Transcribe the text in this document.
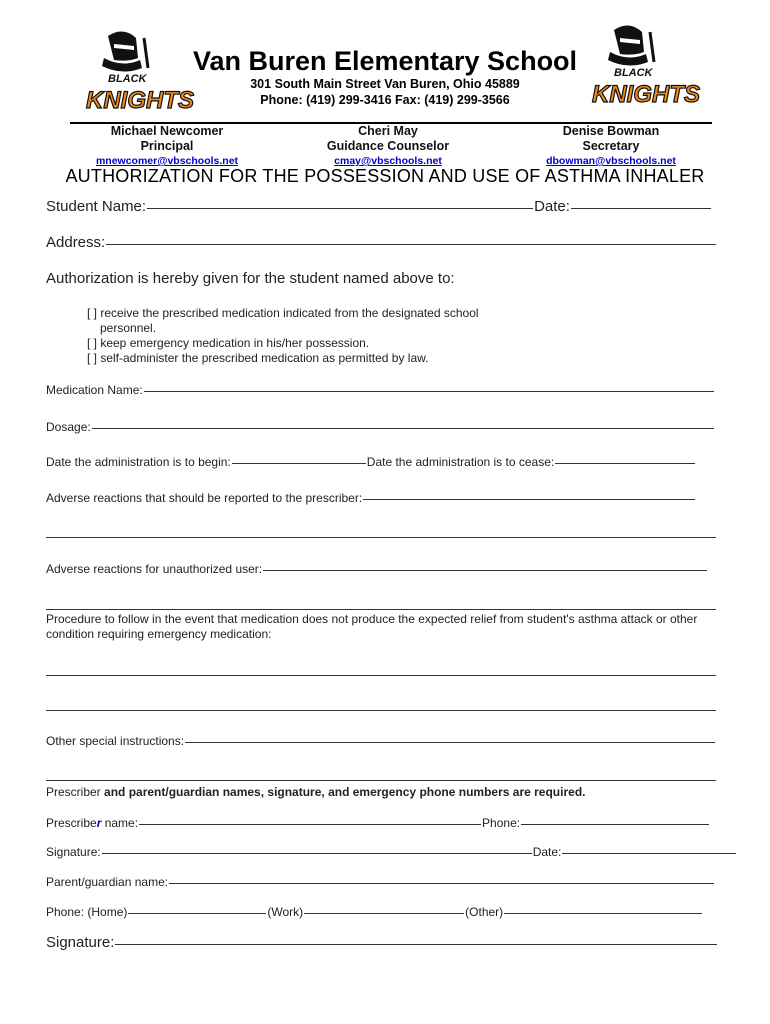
BLACK
KNIGHTS
BLACK
KNIGHTS
Van Buren Elementary School
301 South Main Street Van Buren, Ohio 45889
Phone: (419) 299-3416 Fax: (419) 299-3566
Michael Newcomer
Principal
mnewcomer@vbschools.net
Cheri May
Guidance Counselor
cmay@vbschools.net
Denise Bowman
Secretary
dbowman@vbschools.net
AUTHORIZATION FOR THE POSSESSION AND USE OF ASTHMA INHALER
Student Name:	Date:
Address:
Authorization is hereby given for the student named above to:
[ ] receive the prescribed medication indicated from the designated school
personnel.
[ ] keep emergency medication in his/her possession.
[ ] self-administer the prescribed medication as permitted by law.
Medication Name:
Dosage:
Date the administration is to begin:	Date the administration is to cease:
Adverse reactions that should be reported to the prescriber:
Adverse reactions for unauthorized user:
Procedure to follow in the event that medication does not produce the expected relief from student's asthma attack or other condition requiring emergency medication:
Other special instructions:
Prescriber and parent/guardian names, signature, and emergency phone numbers are required.
Prescriber name:	Phone:
Signature:	Date:
Parent/guardian name:
Phone: (Home)	(Work)	(Other)
Signature:
